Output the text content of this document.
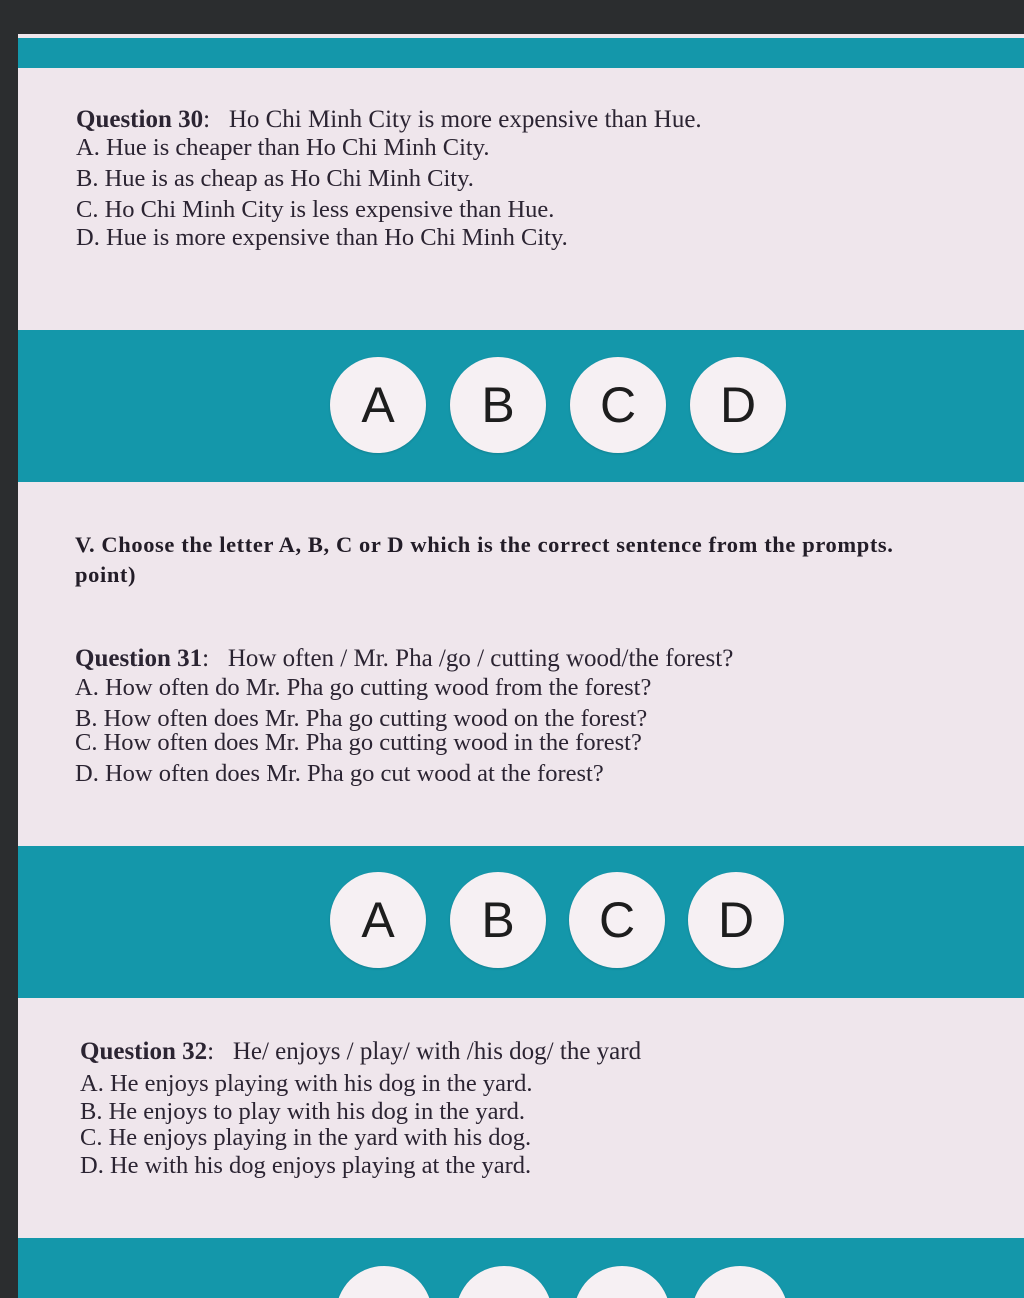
Question 30:   Ho Chi Minh City is more expensive than Hue.
A. Hue is cheaper than Ho Chi Minh City.
B. Hue is as cheap as Ho Chi Minh City.
C. Ho Chi Minh City is less expensive than Hue.
D. Hue is more expensive than Ho Chi Minh City.
A	B	C	D
V. Choose the letter A, B, C or D which is the correct sentence from the prompts.
point)
Question 31:   How often / Mr. Pha /go / cutting wood/the forest?
A. How often do Mr. Pha go cutting wood from the forest?
B. How often does Mr. Pha go cutting wood on the forest?
C. How often does Mr. Pha go cutting wood in the forest?
D. How often does Mr. Pha go cut wood at the forest?
A	B	C	D
Question 32:   He/ enjoys / play/ with /his dog/ the yard
A. He enjoys playing with his dog in the yard.
B. He enjoys to play with his dog in the yard.
C. He enjoys playing in the yard with his dog.
D. He with his dog enjoys playing at the yard.
